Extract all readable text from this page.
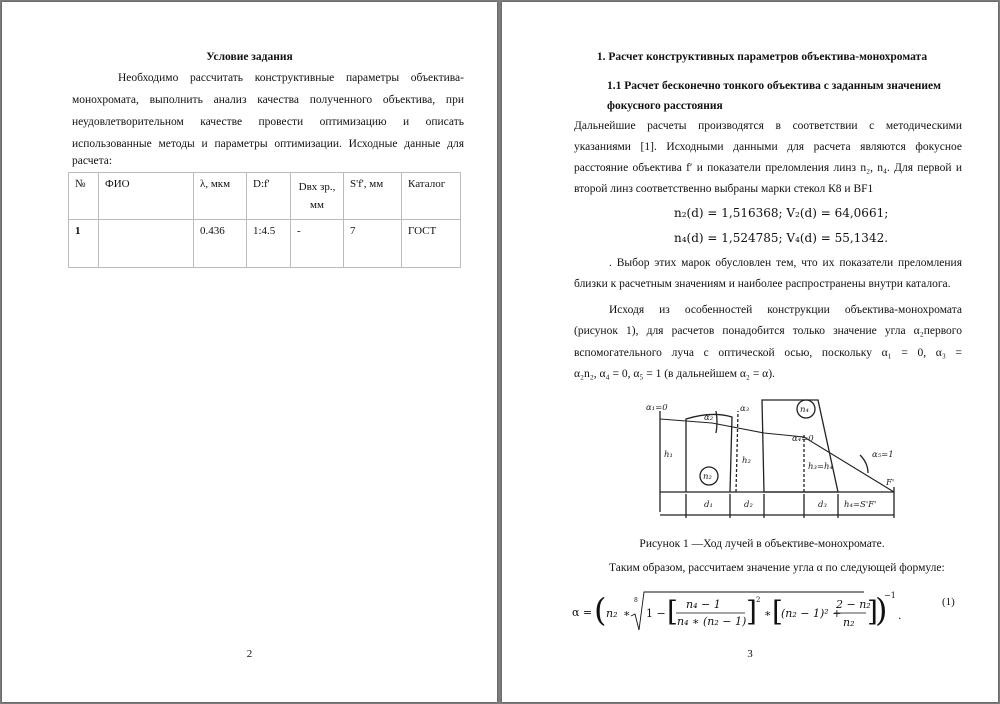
Условие задания
Необходимо рассчитать конструктивные параметры объектива-
монохромата, выполнить анализ качества полученного объектива, при
неудовлетворительном качестве провести оптимизацию и описать
использованные методы и параметры оптимизации. Исходные данные для
расчета:
№	ФИО	λ, мкм	D:f'	Dвх зр., мм	S'f', мм	Каталог
1		0.436	1:4.5	-	7	ГОСТ
2
1. Расчет конструктивных параметров объектива-монохромата
1.1 Расчет бесконечно тонкого объектива с заданным значением
фокусного расстояния
Дальнейшие расчеты производятся в соответствии с методическими
указаниями [1]. Исходными данными для расчета являются фокусное
расстояние объектива f′ и показатели преломления линз n₂, n₄. Для первой и
второй линз соответственно выбраны марки стекол К8 и BF1
n₂(d) = 1,516368; V₂(d) = 64,0661;
n₄(d) = 1,524785; V₄(d) = 55,1342.
. Выбор этих марок обусловлен тем, что их показатели преломления
близки к расчетным значениям и наиболее распространены внутри каталога.
Исходя из особенностей конструкции объектива-монохромата
(рисунок 1), для расчетов понадобится только значение угла α₂первого
вспомогательного луча с оптической осью, поскольку α₁ = 0, α₃ =
α₂n₂, α₄ = 0, α₅ = 1 (в дальнейшем α₂ = α).
α₁=0
α₂
α₃
α₄=0
α₅=1
n₂
n₄
h₁
h₂
h₃=h₄
F'
d₁	d₂	d₃ h₄=S'F'
Рисунок 1 —Ход лучей в объективе-монохромате.
Таким образом, рассчитаем значение угла α по следующей формуле:
α = ( n₂ ∗
8
1 − [ n₄ − 1
n₄ ∗ (n₂ − 1) ] 2
∗ [
(n₂ − 1)² +
2 − n₂
n₂ ]
)
−1
.
(1)
3
